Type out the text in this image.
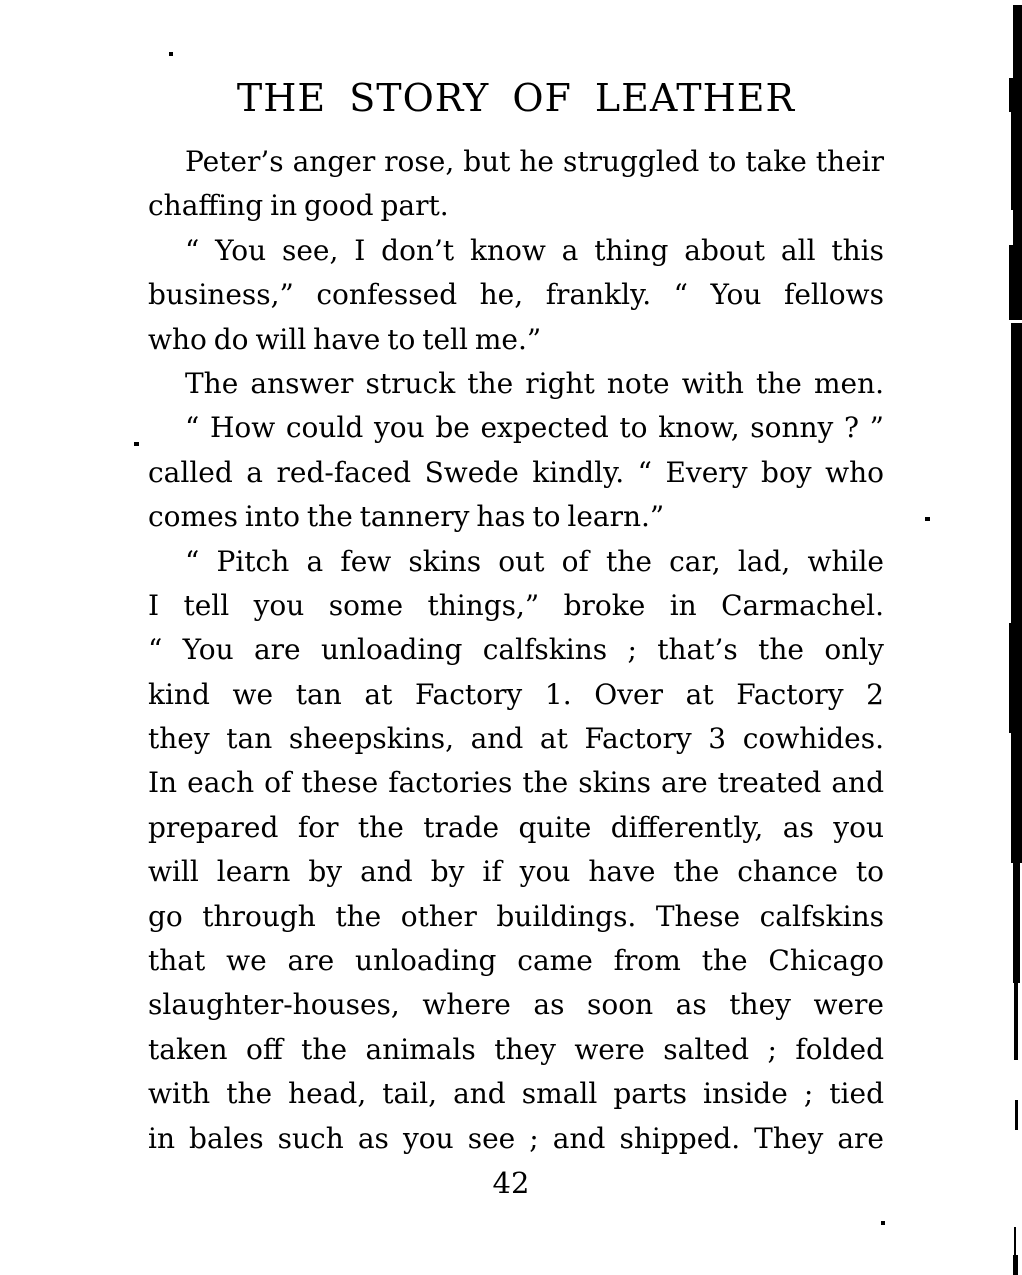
THE STORY OF LEATHER
Peter’s anger rose, but he struggled to take their
chaffing in good part.
“ You see, I don’t know a thing about all this
business,” confessed he, frankly. “ You fellows
who do will have to tell me.”
The answer struck the right note with the men.
“ How could you be expected to know, sonny ? ”
called a red-faced Swede kindly. “ Every boy who
comes into the tannery has to learn.”
“ Pitch a few skins out of the car, lad, while
I tell you some things,” broke in Carmachel.
“ You are unloading calfskins ; that’s the only
kind we tan at Factory 1. Over at Factory 2
they tan sheepskins, and at Factory 3 cowhides.
In each of these factories the skins are treated and
prepared for the trade quite differently, as you
will learn by and by if you have the chance to
go through the other buildings. These calfskins
that we are unloading came from the Chicago
slaughter-houses, where as soon as they were
taken off the animals they were salted ; folded
with the head, tail, and small parts inside ; tied
in bales such as you see ; and shipped. They are
42
